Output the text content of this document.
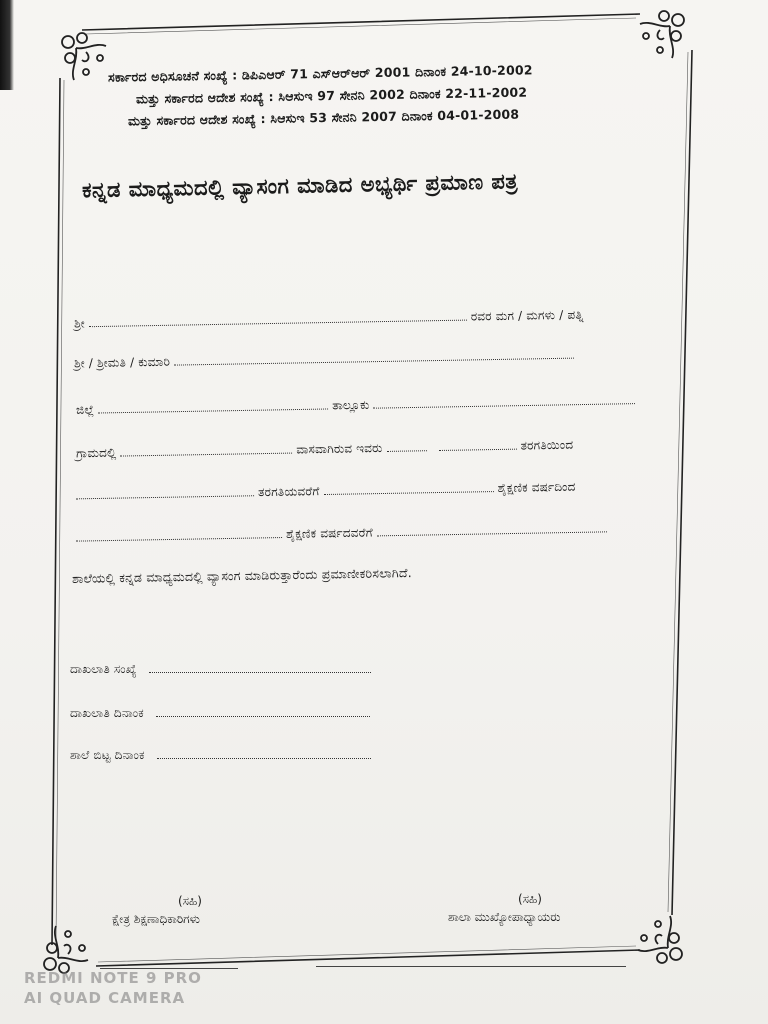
ಸರ್ಕಾರದ ಅಧಿಸೂಚನೆ ಸಂಖ್ಯೆ : ಡಿಪಿಎಆರ್ 71 ಎಸ್‌ಆರ್‌ಆರ್ 2001 ದಿನಾಂಕ 24-10-2002
ಮತ್ತು ಸರ್ಕಾರದ ಆದೇಶ ಸಂಖ್ಯೆ : ಸಿಆಸುಇ 97 ಸೇನನಿ 2002 ದಿನಾಂಕ 22-11-2002
ಮತ್ತು ಸರ್ಕಾರದ ಆದೇಶ ಸಂಖ್ಯೆ : ಸಿಆಸುಇ 53 ಸೇನನಿ 2007 ದಿನಾಂಕ 04-01-2008
ಕನ್ನಡ ಮಾಧ್ಯಮದಲ್ಲಿ ವ್ಯಾಸಂಗ ಮಾಡಿದ ಅಭ್ಯರ್ಥಿ ಪ್ರಮಾಣ ಪತ್ರ
ಶ್ರೀ	ರವರ ಮಗ / ಮಗಳು / ಪತ್ನಿ
ಶ್ರೀ / ಶ್ರೀಮತಿ / ಕುಮಾರಿ
ಜಿಲ್ಲೆ	ತಾಲ್ಲೂಕು
ಗ್ರಾಮದಲ್ಲಿ	ವಾಸವಾಗಿರುವ ಇವರು	ತರಗತಿಯಿಂದ
ತರಗತಿಯವರೆಗೆ	ಶೈಕ್ಷಣಿಕ ವರ್ಷದಿಂದ
ಶೈಕ್ಷಣಿಕ ವರ್ಷದವರೆಗೆ
ಶಾಲೆಯಲ್ಲಿ ಕನ್ನಡ ಮಾಧ್ಯಮದಲ್ಲಿ ವ್ಯಾಸಂಗ ಮಾಡಿರುತ್ತಾರೆಂದು ಪ್ರಮಾಣೀಕರಿಸಲಾಗಿದೆ.
ದಾಖಲಾತಿ ಸಂಖ್ಯೆ
ದಾಖಲಾತಿ ದಿನಾಂಕ
ಶಾಲೆ ಬಿಟ್ಟ ದಿನಾಂಕ
(ಸಹಿ)
ಕ್ಷೇತ್ರ ಶಿಕ್ಷಣಾಧಿಕಾರಿಗಳು
(ಸಹಿ)
ಶಾಲಾ ಮುಖ್ಯೋಪಾಧ್ಯಾಯರು
REDMI NOTE 9 PRO
AI QUAD CAMERA
